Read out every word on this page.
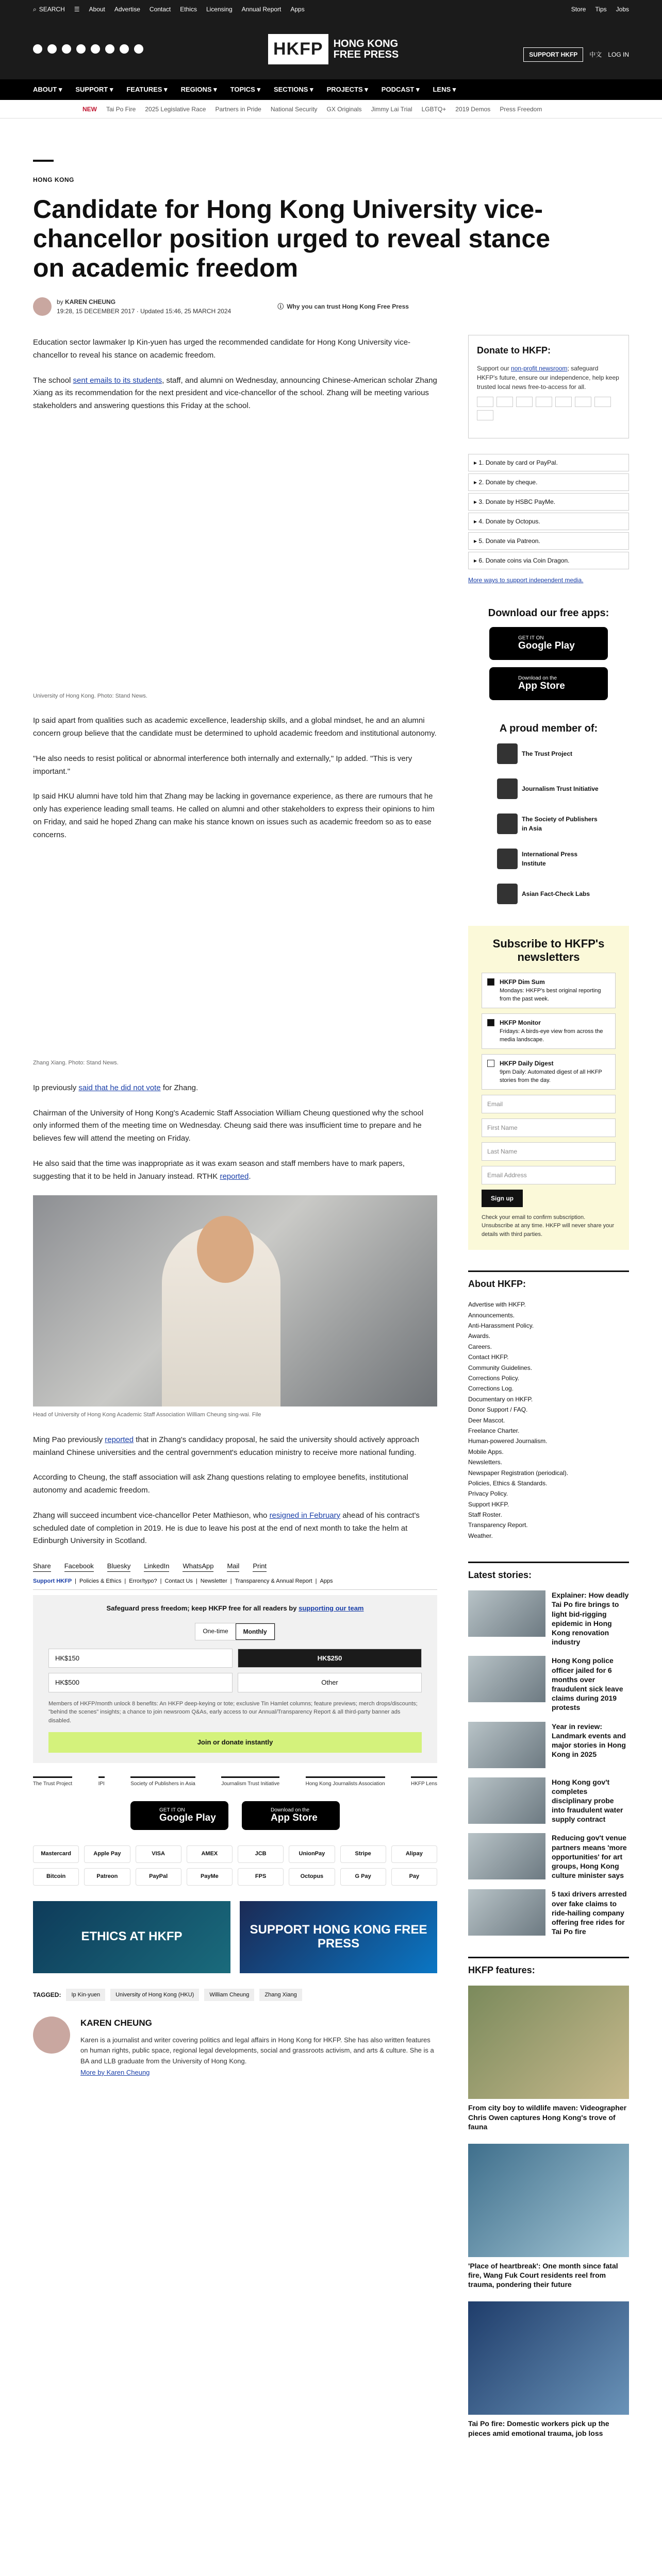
⌕ SEARCH ☰ About Advertise Contact Ethics Licensing Annual Report Apps	Store Tips Jobs
HKFP	HONG KONG
FREE PRESS	SUPPORT HKFP	中文 LOG IN
ABOUT ▾ SUPPORT ▾ FEATURES ▾ REGIONS ▾ TOPICS ▾ SECTIONS ▾ PROJECTS ▾ PODCAST ▾ LENS ▾
NEW Tai Po Fire 2025 Legislative Race Partners in Pride National Security GX Originals Jimmy Lai Trial LGBTQ+ 2019 Demos Press Freedom
HONG KONG
Candidate for Hong Kong University vice-chancellor position urged to reveal stance on academic freedom
by KAREN CHEUNG
19:28, 15 DECEMBER 2017 · Updated 15:46, 25 MARCH 2024
ⓘ Why you can trust Hong Kong Free Press

Education sector lawmaker Ip Kin-yuen has urged the recommended candidate for Hong Kong University vice-chancellor to reveal his stance on academic freedom.

The school sent emails to its students, staff, and alumni on Wednesday, announcing Chinese-American scholar Zhang Xiang as its recommendation for the next president and vice-chancellor of the school. Zhang will be meeting various stakeholders and answering questions this Friday at the school.

University of Hong Kong. Photo: Stand News.

Ip said apart from qualities such as academic excellence, leadership skills, and a global mindset, he and an alumni concern group believe that the candidate must be determined to uphold academic freedom and institutional autonomy.

"He also needs to resist political or abnormal interference both internally and externally," Ip added. "This is very important."

Ip said HKU alumni have told him that Zhang may be lacking in governance experience, as there are rumours that he only has experience leading small teams. He called on alumni and other stakeholders to express their opinions to him on Friday, and said he hoped Zhang can make his stance known on issues such as academic freedom so as to ease concerns.

Zhang Xiang. Photo: Stand News.

Ip previously said that he did not vote for Zhang.

Chairman of the University of Hong Kong's Academic Staff Association William Cheung questioned why the school only informed them of the meeting time on Wednesday. Cheung said there was insufficient time to prepare and he believes few will attend the meeting on Friday.

He also said that the time was inappropriate as it was exam season and staff members have to mark papers, suggesting that it to be held in January instead. RTHK reported.

Head of University of Hong Kong Academic Staff Association William Cheung sing-wai. File

Ming Pao previously reported that in Zhang's candidacy proposal, he said the university should actively approach mainland Chinese universities and the central government's education ministry to receive more national funding.

According to Cheung, the staff association will ask Zhang questions relating to employee benefits, institutional autonomy and academic freedom.

Zhang will succeed incumbent vice-chancellor Peter Mathieson, who resigned in February ahead of his contract's scheduled date of completion in 2019. He is due to leave his post at the end of next month to take the helm at Edinburgh University in Scotland.

Share Facebook Bluesky LinkedIn WhatsApp Mail Print
Support HKFP | Policies & Ethics | Error/typo? | Contact Us | Newsletter | Transparency & Annual Report | Apps
Safeguard press freedom; keep HKFP free for all readers by supporting our team
One-time	Monthly
HK$150	HK$250
HK$500	Other
Members of HKFP/month unlock 8 benefits: An HKFP deep-keying or tote; exclusive Tin Hamlet columns; feature previews; merch drops/discounts; "behind the scenes" insights; a chance to join newsroom Q&As, early access to our Annual/Transparency Report & all third-party banner ads disabled.
Join or donate instantly
The Trust Project	IPI	Society of Publishers in Asia	Journalism Trust Initiative	Hong Kong Journalists Association	HKFP Lens
GET IT ON
Google Play
Download on the
App Store
Mastercard	Apple Pay	VISA	AMEX	JCB	UnionPay	Stripe	Alipay
Bitcoin	Patreon	PayPal	PayMe	FPS	Octopus	G Pay	Pay
ETHICS AT HKFP	SUPPORT HONG KONG FREE PRESS
TAGGED:	Ip Kin-yuen	University of Hong Kong (HKU)	William Cheung	Zhang Xiang
KAREN CHEUNG
Karen is a journalist and writer covering politics and legal affairs in Hong Kong for HKFP. She has also written features on human rights, public space, regional legal developments, social and grassroots activism, and arts & culture. She is a BA and LLB graduate from the University of Hong Kong.
More by Karen Cheung
Donate to HKFP:
Support our non-profit newsroom; safeguard HKFP's future, ensure our independence, help keep trusted local news free-to-access for all.
▸ 1. Donate by card or PayPal.
▸ 2. Donate by cheque.
▸ 3. Donate by HSBC PayMe.
▸ 4. Donate by Octopus.
▸ 5. Donate via Patreon.
▸ 6. Donate coins via Coin Dragon.
More ways to support independent media.
Download our free apps:
GET IT ON
Google Play
Download on the
App Store
A proud member of:
The Trust Project
Journalism Trust Initiative
The Society of Publishers in Asia
International Press Institute
Asian Fact-Check Labs
Subscribe to HKFP's newsletters
HKFP Dim Sum
Mondays: HKFP's best original reporting from the past week.
HKFP Monitor
Fridays: A birds-eye view from across the media landscape.
HKFP Daily Digest
9pm Daily: Automated digest of all HKFP stories from the day.
Email
First Name
Last Name
Email Address
Sign up
Check your email to confirm subscription. Unsubscribe at any time. HKFP will never share your details with third parties.
About HKFP:
Advertise with HKFP.
Announcements.
Anti-Harassment Policy.
Awards.
Careers.
Contact HKFP.
Community Guidelines.
Corrections Policy.
Corrections Log.
Documentary on HKFP.
Donor Support / FAQ.
Deer Mascot.
Freelance Charter.
Human-powered Journalism.
Mobile Apps.
Newsletters.
Newspaper Registration (periodical).
Policies, Ethics & Standards.
Privacy Policy.
Support HKFP.
Staff Roster.
Transparency Report.
Weather.
Latest stories:
Explainer: How deadly Tai Po fire brings to light bid-rigging epidemic in Hong Kong renovation industry
Hong Kong police officer jailed for 6 months over fraudulent sick leave claims during 2019 protests
Year in review: Landmark events and major stories in Hong Kong in 2025
Hong Kong gov't completes disciplinary probe into fraudulent water supply contract
Reducing gov't venue partners means 'more opportunities' for art groups, Hong Kong culture minister says
5 taxi drivers arrested over fake claims to ride-hailing company offering free rides for Tai Po fire
HKFP features:
From city boy to wildlife maven: Videographer Chris Owen captures Hong Kong's trove of fauna
'Place of heartbreak': One month since fatal fire, Wang Fuk Court residents reel from trauma, pondering their future
Tai Po fire: Domestic workers pick up the pieces amid emotional trauma, job loss
